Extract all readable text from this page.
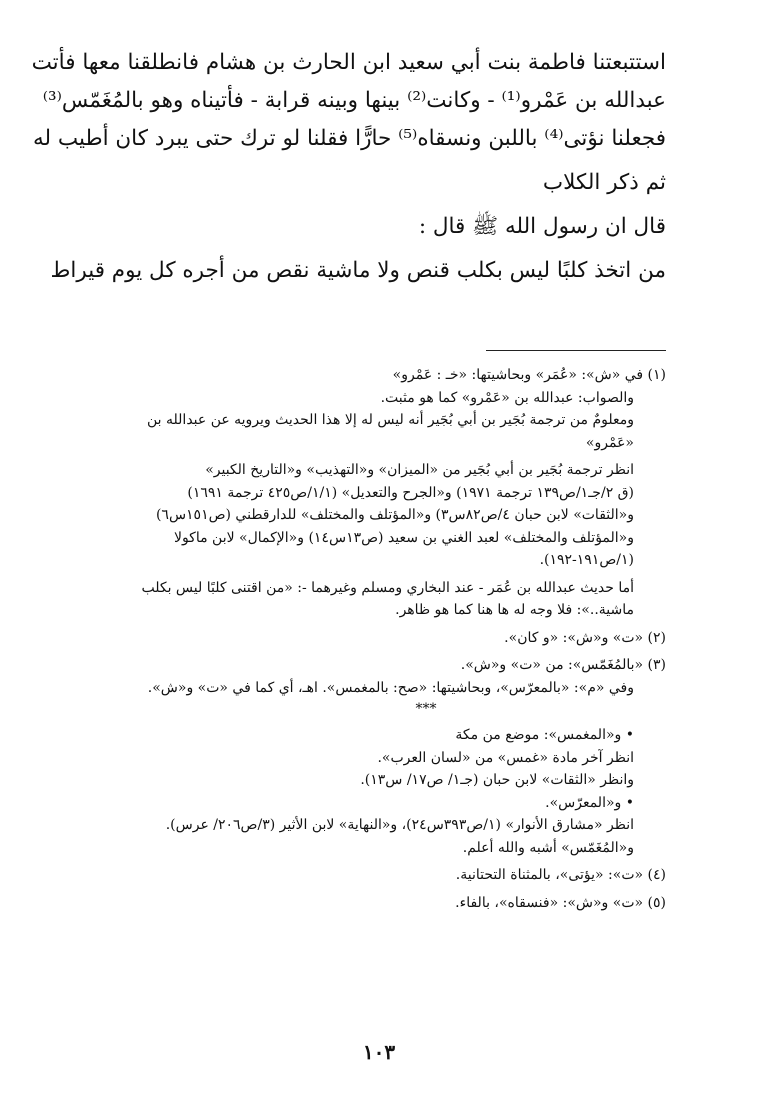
استتبعتنا فاطمة بنت أبي سعيد ابن الحارث بن هشام فانطلقنا معها فأتت
عبدالله بن عَمْرو⁽¹⁾ - وكانت⁽²⁾ بينها وبينه قرابة - فأتيناه وهو بالمُغَمّس⁽³⁾
فجعلنا نؤتى⁽⁴⁾ باللبن ونسقاه⁽⁵⁾ حارًّا فقلنا لو ترك حتى يبرد كان أطيب له
ثم ذكر الكلاب
قال ان رسول الله ﷺ قال :
من اتخذ كلبًا ليس بكلب قنص ولا ماشية نقص من أجره كل يوم قيراط
(١) في «ش»: «عُمَر» وبحاشيتها: «خـ : عَمْرو»
والصواب: عبدالله بن «عَمْرو» كما هو مثبت.
ومعلومٌ من ترجمة بُجَير بن أبي بُجَير أنه ليس له إلا هذا الحديث ويرويه عن عبدالله بن
«عَمْرو»
انظر ترجمة بُجَير بن أبي بُجَير من «الميزان» و«التهذيب» و«التاريخ الكبير»
(ق ٢/جـ١/ص١٣٩ ترجمة ١٩٧١) و«الجرح والتعديل» (١/١/ص٤٢٥ ترجمة ١٦٩١)
و«الثقات» لابن حبان ٤/ص٨٢س٣) و«المؤتلف والمختلف» للدارقطني (ص١٥١س٦)
و«المؤتلف والمختلف» لعبد الغني بن سعيد (ص١٣س١٤) و«الإكمال» لابن ماكولا
(١/ص١٩١-١٩٢).
أما حديث عبدالله بن عُمَر - عند البخاري ومسلم وغيرهما -: «من اقتنى كلبًا ليس بكلب
ماشية..»: فلا وجه له ها هنا كما هو ظاهر.
(٢) «ت» و«ش»: «و كان».
(٣) «بالمُغَمّس»: من «ت» و«ش».
وفي «م»: «بالمعرّس»، وبحاشيتها: «صح: بالمغمس». اهـ، أي كما في «ت» و«ش».
***
• و«المغمس»: موضع من مكة
انظر آخر مادة «غمس» من «لسان العرب».
وانظر «الثقات» لابن حبان (جـ١/ ص١٧/ س١٣).
• و«المعرّس».
انظر «مشارق الأنوار» (١/ص٣٩٣س٢٤)، و«النهاية» لابن الأثير (٣/ص٢٠٦/ عرس).
و«المُغَمّس» أشبه والله أعلم.
(٤) «ت»: «يؤتى»، بالمثناة التحتانية.
(٥) «ت» و«ش»: «فنسقاه»، بالفاء.
١٠٣
